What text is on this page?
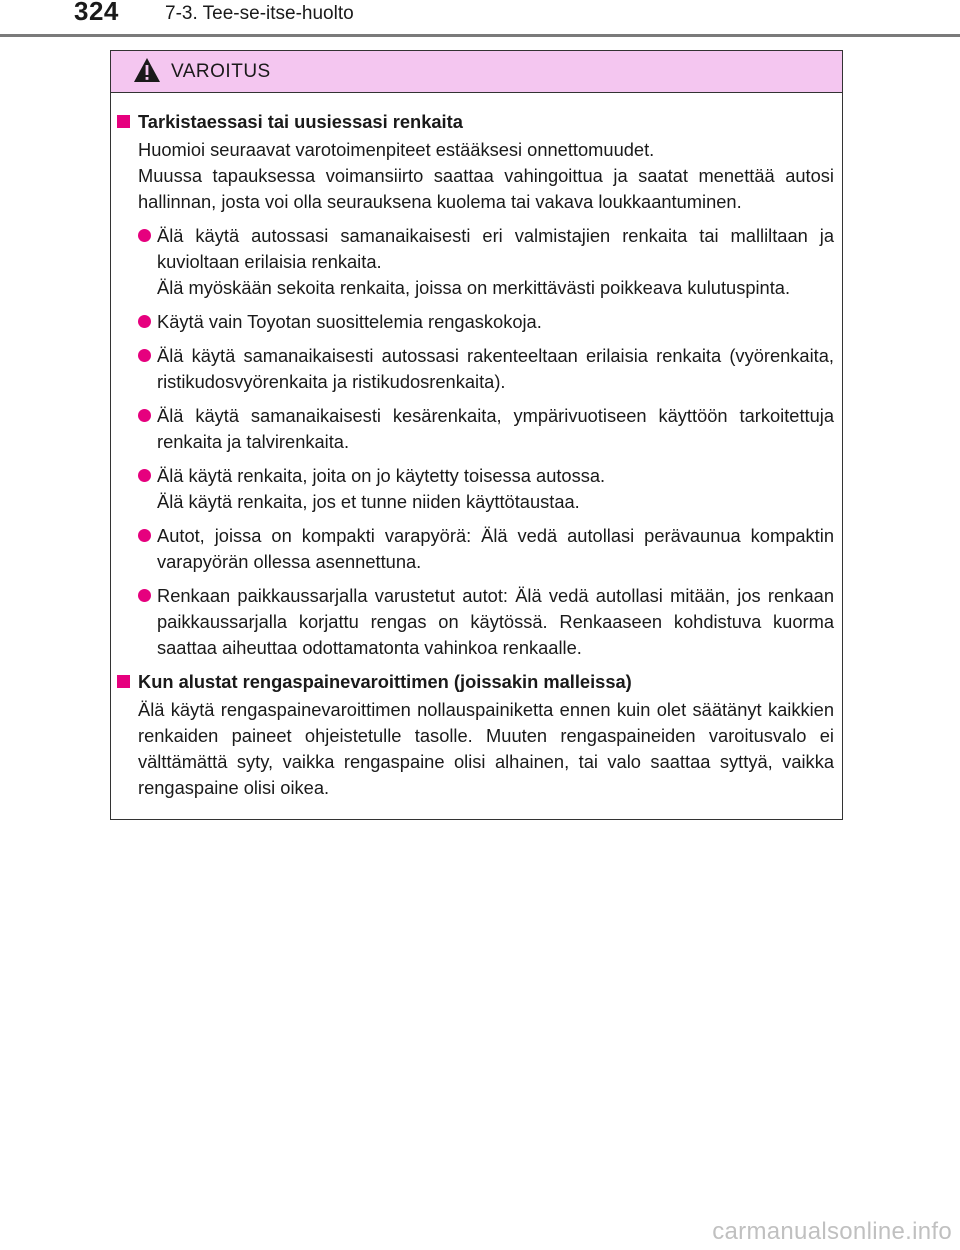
324 7-3. Tee-se-itse-huolto
VAROITUS
Tarkistaessasi tai uusiessasi renkaita

Huomioi seuraavat varotoimenpiteet estääksesi onnettomuudet.

Muussa tapauksessa voimansiirto saattaa vahingoittua ja saatat menettää autosi hallinnan, josta voi olla seurauksena kuolema tai vakava loukkaantuminen.

Älä käytä autossasi samanaikaisesti eri valmistajien renkaita tai malliltaan ja kuvioltaan erilaisia renkaita.

Älä myöskään sekoita renkaita, joissa on merkittävästi poikkeava kulutuspinta.

Käytä vain Toyotan suosittelemia rengaskokoja.

Älä käytä samanaikaisesti autossasi rakenteeltaan erilaisia renkaita (vyörenkaita, ristikudosvyörenkaita ja ristikudosrenkaita).

Älä käytä samanaikaisesti kesärenkaita, ympärivuotiseen käyttöön tarkoitettuja renkaita ja talvirenkaita.

Älä käytä renkaita, joita on jo käytetty toisessa autossa.

Älä käytä renkaita, jos et tunne niiden käyttötaustaa.

Autot, joissa on kompakti varapyörä: Älä vedä autollasi perävaunua kompaktin varapyörän ollessa asennettuna.

Renkaan paikkaussarjalla varustetut autot: Älä vedä autollasi mitään, jos renkaan paikkaussarjalla korjattu rengas on käytössä. Renkaaseen kohdistuva kuorma saattaa aiheuttaa odottamatonta vahinkoa renkaalle.

Kun alustat rengaspainevaroittimen (joissakin malleissa)

Älä käytä rengaspainevaroittimen nollauspainiketta ennen kuin olet säätänyt kaikkien renkaiden paineet ohjeistetulle tasolle. Muuten rengaspaineiden varoitusvalo ei välttämättä syty, vaikka rengaspaine olisi alhainen, tai valo saattaa syttyä, vaikka rengaspaine olisi oikea.

carmanualsonline.info
